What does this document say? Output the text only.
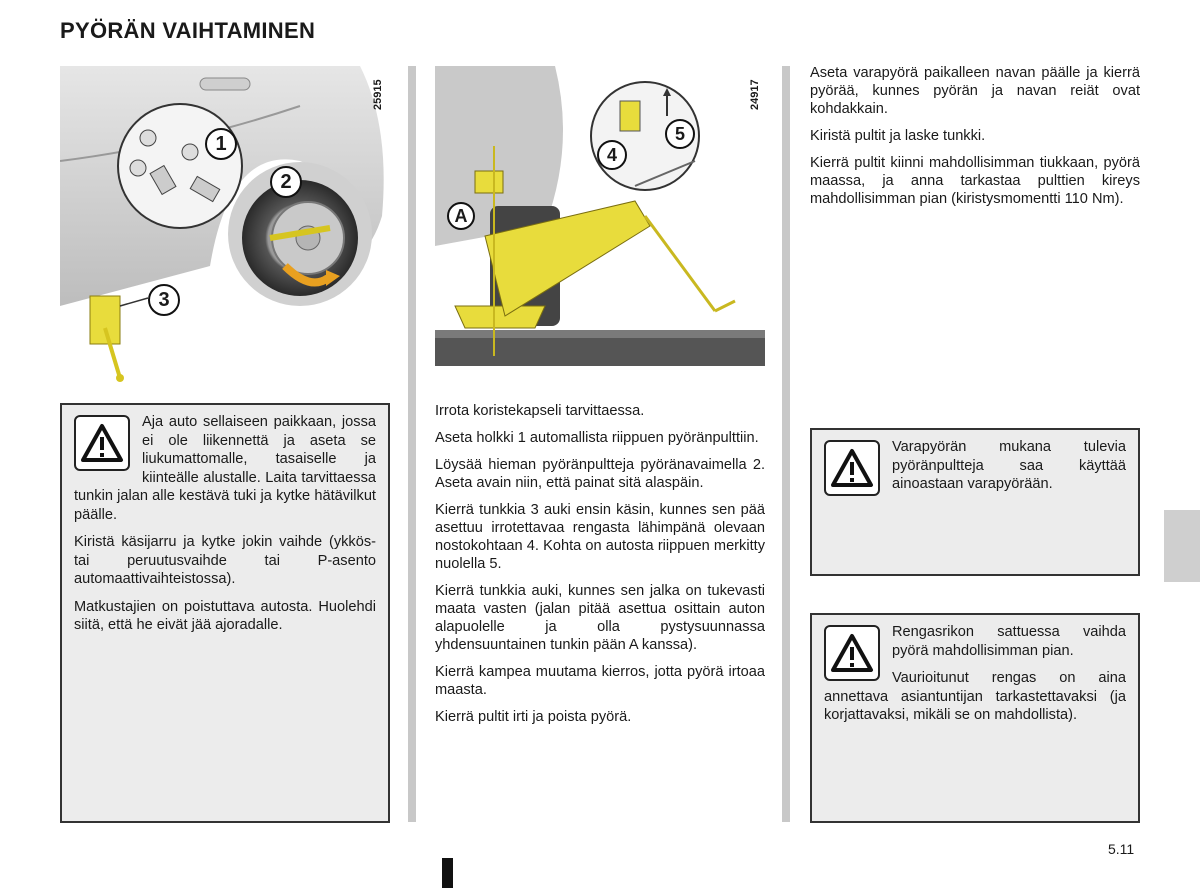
PYÖRÄN VAIHTAMINEN
1
2
3
25915
A
4
5
24917

Aja auto sellaiseen paikkaan, jossa ei ole liikennettä ja aseta se liukumattomalle, tasaiselle ja kiinteälle alustalle. Laita tarvittaessa tunkin jalan alle kestävä tuki ja kytke hätävilkut päälle.

Kiristä käsijarru ja kytke jokin vaihde (ykkös- tai peruutusvaihde tai P-asento automaattivaihteistossa).

Matkustajien on poistuttava autosta. Huolehdi siitä, että he eivät jää ajoradalle.

Irrota koristekapseli tarvittaessa.

Aseta holkki 1 automallista riippuen pyöränpulttiin.

Löysää hieman pyöränpultteja pyöränavaimella 2. Aseta avain niin, että painat sitä alaspäin.

Kierrä tunkkia 3 auki ensin käsin, kunnes sen pää asettuu irrotettavaa rengasta lähimpänä olevaan nostokohtaan 4. Kohta on autosta riippuen merkitty nuolella 5.

Kierrä tunkkia auki, kunnes sen jalka on tukevasti maata vasten (jalan pitää asettua osittain auton alapuolelle ja olla pystysuunnassa yhdensuuntainen tunkin pään A kanssa).

Kierrä kampea muutama kierros, jotta pyörä irtoaa maasta.

Kierrä pultit irti ja poista pyörä.

Aseta varapyörä paikalleen navan päälle ja kierrä pyörää, kunnes pyörän ja navan reiät ovat kohdakkain.

Kiristä pultit ja laske tunkki.

Kierrä pultit kiinni mahdollisimman tiukkaan, pyörä maassa, ja anna tarkastaa pulttien kireys mahdollisimman pian (kiristysmomentti 110 Nm).

Varapyörän mukana tulevia pyöränpultteja saa käyttää ainoastaan varapyörään.

Rengasrikon sattuessa vaihda pyörä mahdollisimman pian.

Vaurioitunut rengas on aina annettava asiantuntijan tarkastettavaksi (ja korjattavaksi, mikäli se on mahdollista).

5.11
